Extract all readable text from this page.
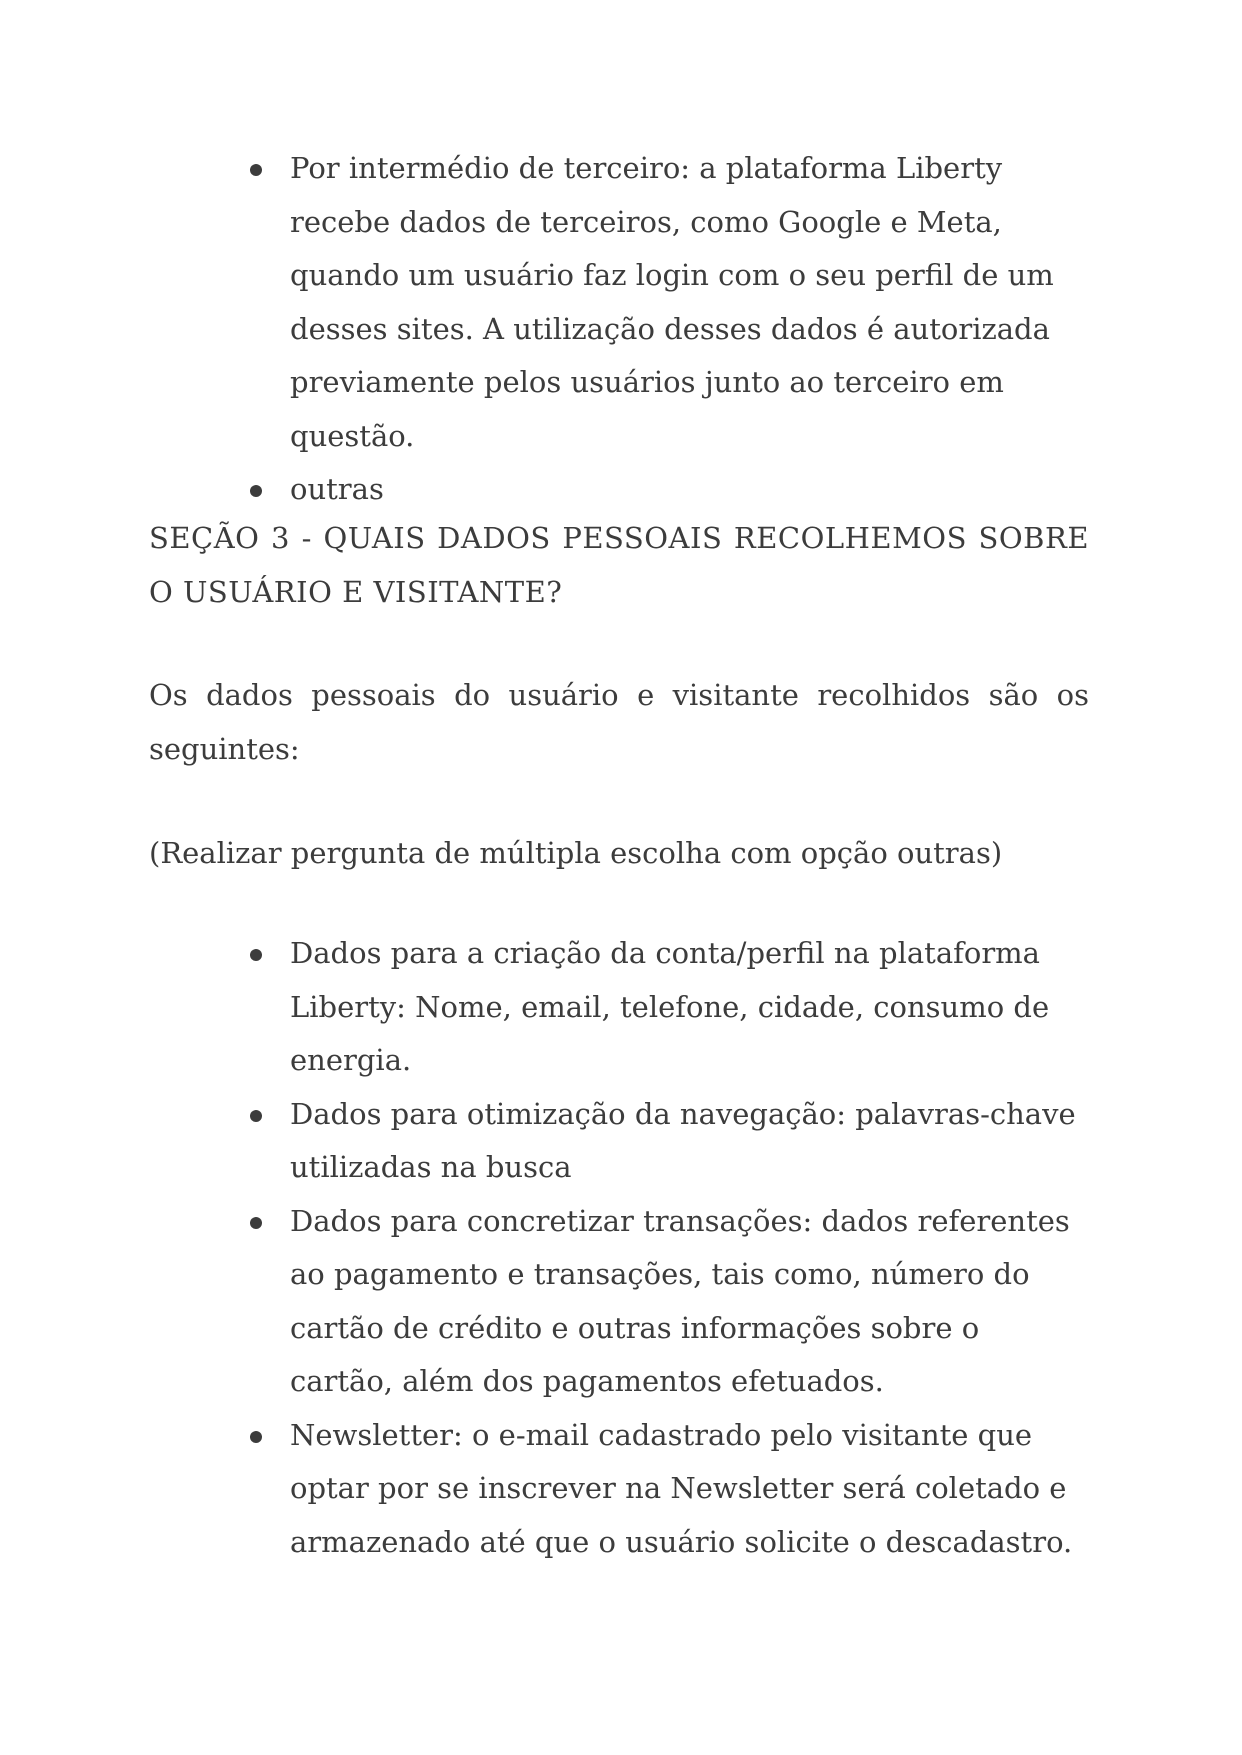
Por intermédio de terceiro: a plataforma Liberty recebe dados de terceiros, como Google e Meta, quando um usuário faz login com o seu perfil de um desses sites. A utilização desses dados é autorizada previamente pelos usuários junto ao terceiro em questão.
outras
SEÇÃO 3 - QUAIS DADOS PESSOAIS RECOLHEMOS SOBRE O USUÁRIO E VISITANTE?

Os dados pessoais do usuário e visitante recolhidos são os seguintes:

(Realizar pergunta de múltipla escolha com opção outras)

Dados para a criação da conta/perfil na plataforma Liberty: Nome, email, telefone, cidade, consumo de energia.
Dados para otimização da navegação: palavras-chave utilizadas na busca
Dados para concretizar transações: dados referentes ao pagamento e transações, tais como, número do cartão de crédito e outras informações sobre o cartão, além dos pagamentos efetuados.
Newsletter: o e-mail cadastrado pelo visitante que optar por se inscrever na Newsletter será coletado e armazenado até que o usuário solicite o descadastro.
